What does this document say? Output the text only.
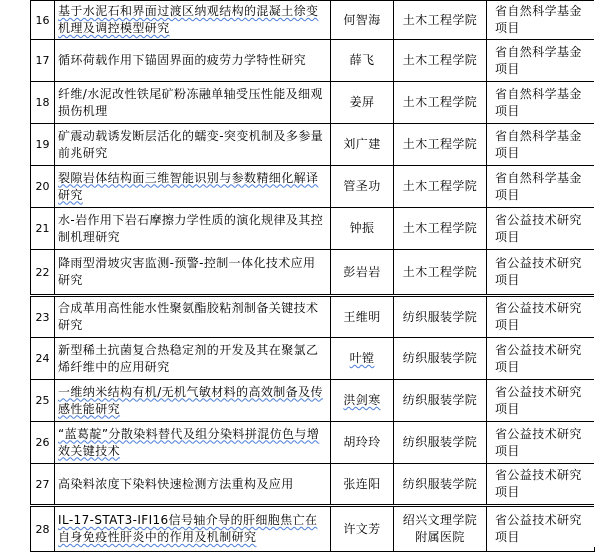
16	基于水泥石和界面过渡区纳观结构的混凝土徐变机理及调控模型研究	何智海	土木工程学院	省自然科学基金项目
17	循环荷载作用下锚固界面的疲劳力学特性研究	薛飞	土木工程学院	省自然科学基金项目
18	纤维/水泥改性铁尾矿粉冻融单轴受压性能及细观损伤机理	姜屏	土木工程学院	省自然科学基金项目
19	矿震动载诱发断层活化的蠕变-突变机制及多参量前兆研究	刘广建	土木工程学院	省自然科学基金项目
20	裂隙岩体结构面三维智能识别与参数精细化解译研究	管圣功	土木工程学院	省自然科学基金项目
21	水-岩作用下岩石摩擦力学性质的演化规律及其控制机理研究	钟振	土木工程学院	省公益技术研究项目
22	降雨型滑坡灾害监测-预警-控制一体化技术应用研究	彭岩岩	土木工程学院	省公益技术研究项目
23	合成革用高性能水性聚氨酯胶粘剂制备关键技术研究	王维明	纺织服装学院	省公益技术研究项目
24	新型稀土抗菌复合热稳定剂的开发及其在聚氯乙烯纤维中的应用研究	叶镗	纺织服装学院	省公益技术研究项目
25	一维纳米结构有机/无机气敏材料的高效制备及传感性能研究	洪剑寒	纺织服装学院	省公益技术研究项目
26	“蓝葛靛”分散染料替代及组分染料拼混仿色与增效关键技术	胡玲玲	纺织服装学院	省公益技术研究项目
27	高染料浓度下染料快速检测方法重构及应用	张连阳	纺织服装学院	省公益技术研究项目
28	IL-17-STAT3-IFI16信号轴介导的肝细胞焦亡在自身免疫性肝炎中的作用及机制研究	许文芳	绍兴文理学院附属医院	省公益技术研究项目
